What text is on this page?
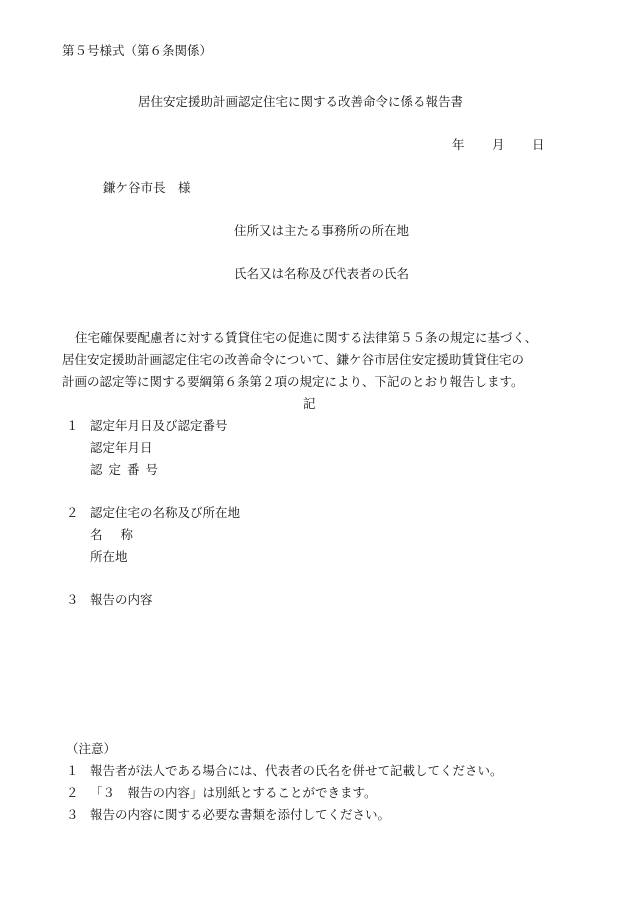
第５号様式（第６条関係）
居住安定援助計画認定住宅に関する改善命令に係る報告書
年 月 日
鎌ケ谷市長　様
住所又は主たる事務所の所在地
氏名又は名称及び代表者の氏名
住宅確保要配慮者に対する賃貸住宅の促進に関する法律第５５条の規定に基づく、
居住安定援助計画認定住宅の改善命令について、鎌ケ谷市居住安定援助賃貸住宅の
計画の認定等に関する要綱第６条第２項の規定により、下記のとおり報告します。
記
１ 認定年月日及び認定番号
認定年月日
認定番号
２ 認定住宅の名称及び所在地
名称
所在地
３ 報告の内容
（注意）
１ 報告者が法人である場合には、代表者の氏名を併せて記載してください。
２ 「３　報告の内容」は別紙とすることができます。
３ 報告の内容に関する必要な書類を添付してください。
